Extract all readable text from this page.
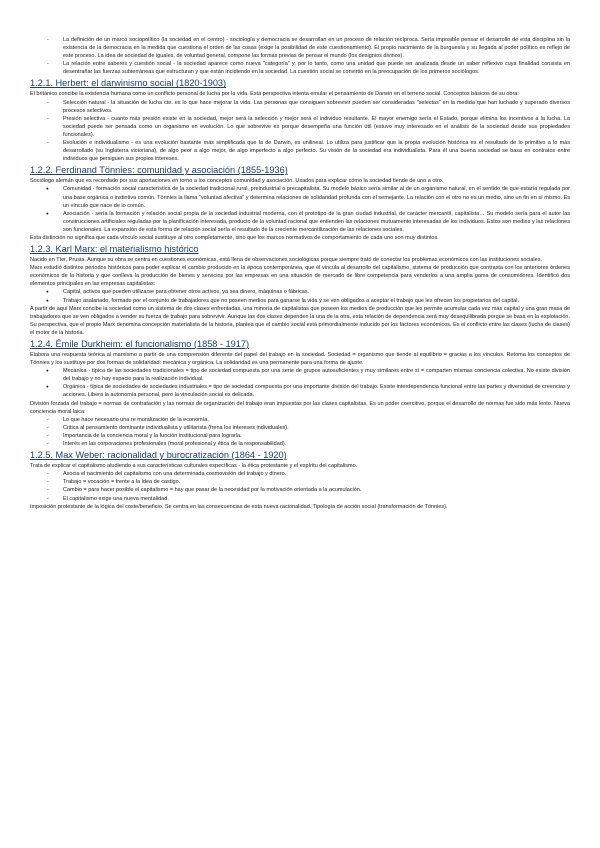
- La definición de un marco sociopolítico (la sociedad en el centro) - sociología y democracia se desarrollan en un proceso de relación recíproca. Sería imposible pensar el desarrollo de esta disciplina sin la existencia de la democracia en la medida que cuestiona el orden de las cosas (exige la posibilidad de este cuestionamiento). El propio nacimiento de la burguesía y su llegada al poder político es reflejo de este proceso. La idea de sociedad de iguales, de voluntad general, compone las formas previas de pensar el mundo (los designios divinos).
- La relación entre saberes y cuestión social - la sociedad aparece como nueva "categoría" y, por lo tanto, como una unidad que puede ser analizada desde un saber reflexivo cuya finalidad consista en desentrañar las fuerzas subterráneas que estructuran y que están incidiendo en la sociedad. La cuestión social se convirtió en la preocupación de los primeros sociólogos.
1.2.1. Herbert: el darwinismo social (1820-1903)

El británico concibe la existencia humana como un conflicto personal de lucha por la vida. Esta perspectiva intenta emular el pensamiento de Darwin en el terreno social. Conceptos básicos de su obra:

- Selección natural - la situación de lucha cte. es lo que hace mejorar la vida. Las personas que consiguen sobrevivir pueden ser consideradas "selectas" en la medida que han luchado y superado diversos procesos selectivos.
- Presión selectiva - cuanto más presión existe en la sociedad, mejor será la selección y mejor será el individuo resultante. El mayor enemigo sería el Estado, porque elimina los incentivos a la lucha. La sociedad puede ser pensada como un organismo en evolución. Lo que sobrevive es porque desempeña una función útil (estuvo muy interesado en el análisis de la sociedad desde sus propiedades funcionales).
- Evolución e individualismo - es una evolución bastante más simplificada que la de Darwin, es unilineal. Lo utiliza para justificar que la propia evolución histórica es el resultado de lo primitivo a lo más desarrollado (su Inglaterra victoriana), de algo peor a algo mejor, de algo imperfecto a algo perfecto. Su visión de la sociedad era individualista. Para él una buena sociedad se basa en contratos entre individuos que persiguen sus propios intereses.
1.2.2. Ferdinand Tönnies: comunidad y asociación (1855-1936)

Sociólogo alemán que es recordado por sus aportaciones en torno a los conceptos comunidad y asociación. Usados para explicar cómo la sociedad tiende de uno a otro.

● Comunidad - formación social característica de la sociedad tradicional rural, preindustrial o precapitalista. Su modelo básico sería similar al de un organismo natural, en el sentido de que estaría regulada por una base orgánica o instintiva común. Tönnies la llama "voluntad afectiva" y determina relaciones de solidaridad profunda con el semejante. La relación con el otro no es un medio, sino un fin en sí mismo. Es un vínculo que nace de lo común.
● Asociación - sería la formación y relación social propia de la sociedad industrial moderna, con el prototipo de la gran ciudad industrial, de carácter mercantil, capitalista… Su modelo sería para el autor las construcciones artificiales reguladas por la planificación interesada, producto de la voluntad racional que entienden las relaciones mutuamente interesadas de los individuos. Estos son medios y las relaciones son funcionales. La expansión de esta forma de relación social sería el resultado de la creciente mercantilización de las relaciones sociales.

Esta distinción no significa que cada vínculo social sustituye al otro completamente, sino que los marcos normativos de comportamiento de cada uno son muy distintos.

1.2.3. Karl Marx: el materialismo histórico

Nacido en Tíer, Prusia. Aunque su obra se centra en cuestiones económicas, está llena de observaciones sociológicas porque siempre trató de conectar los problemas económicos con las instituciones sociales.
Marx estudió distintos periodos históricos para poder explicar el cambio producido en la época contemporánea, que él vincula al desarrollo del capitalismo, sistema de producción que contrasta con los anteriores órdenes económicos de la historia y que conlleva la producción de bienes y servicios por las empresas en una situación de mercado de libre competencia para venderlos a una amplia gama de consumidores. Identificó dos elementos principales en las empresas capitalistas:

● Capital, activos que pueden utilizarse para obtener otros activos, ya sea dinero, máquinas o fábricas.
● Trabajo asalariado, formado por el conjunto de trabajadores que no poseen medios para ganarse la vida y se ven obligados a aceptar el trabajo que les ofrecen los propietarios del capital.

A partir de aquí Marx concibe la sociedad como un sistema de dos clases enfrentadas, una minoría de capitalistas que poseen los medios de producción que les permite acumular cada vez más capital y una gran masa de trabajadores que se ven obligados a vender su fuerza de trabajo para sobrevivir. Aunque las dos clases dependen la una de la otra, esta relación de dependencia será muy desequilibrada porque se basa en la explotación. Su perspectiva, que el propio Marx denomina concepción materialista de la historia, plantea que el cambio social está primordialmente inducido por los factores económicos. Es el conflicto entre las clases (lucha de clases) el motor de la historia.

1.2.4. Émile Durkheim: el funcionalismo (1858 - 1917)

Elabora una respuesta teórica al marxismo a partir de una comprensión diferente del papel del trabajo en la sociedad. Sociedad = organismo que tiende al equilibrio = gracias a los vínculos. Retoma los conceptos de Tönnies y los sustituye por dos formas de solidaridad: mecánica y orgánica. La solidaridad es una permanente para una forma de ajuste.

● Mecánica - típica de las sociedades tradicionales = tipo de sociedad compuesta por una serie de grupos autosuficientes y muy similares entre sí = comparten mismas conciencia colectiva. No existe división del trabajo y no hay espacio para la realización individual.
● Orgánica - típica de sociedades de sociedades industriales = tipo de sociedad compuesta por una importante división del trabajo. Existe interdependencia funcional entre las partes y diversidad de creencias y acciones. Libera la autonomía personal, pero la vinculación social es delicada.

División forzada del trabajo = normas de contratación y las normas de organización del trabajo eran impuestas por las clases capitalistas. Es un poder coercitivo, porque el desarrollo de normas fue sido más lento. Nueva conciencia moral laica:

- Lo que hace necesario una re moralización de la economía.
- Critica al pensamiento dominante individualista y utilitarista (frena los intereses individuales).
- Importancia de la conciencia moral y la función institucional para lograrla.
- Interés en las corporaciones profesionales (moral profesional y ética de la responsabilidad).
1.2.5. Max Weber: racionalidad y burocratización (1864 - 1920)

Trata de explicar el capitalismo aludiendo a sus características culturales específicas - la ética protestante y el espíritu del capitalismo.

- Asocia el nacimiento del capitalismo con una determinada cosmovisión del trabajo y dinero.
- Trabajo = vocación = frente a la idea de castigo.
- Cambio = para hacer posible el capitalismo = hay que pasar de la necesidad por la motivación orientada a la acumulación.
- El capitalismo exige una nueva mentalidad.

Imposición protestante de la lógica del coste/beneficio. Se centra en las consecuencias de esta nueva racionalidad. Tipología de acción social (transformación de Tönnies).
